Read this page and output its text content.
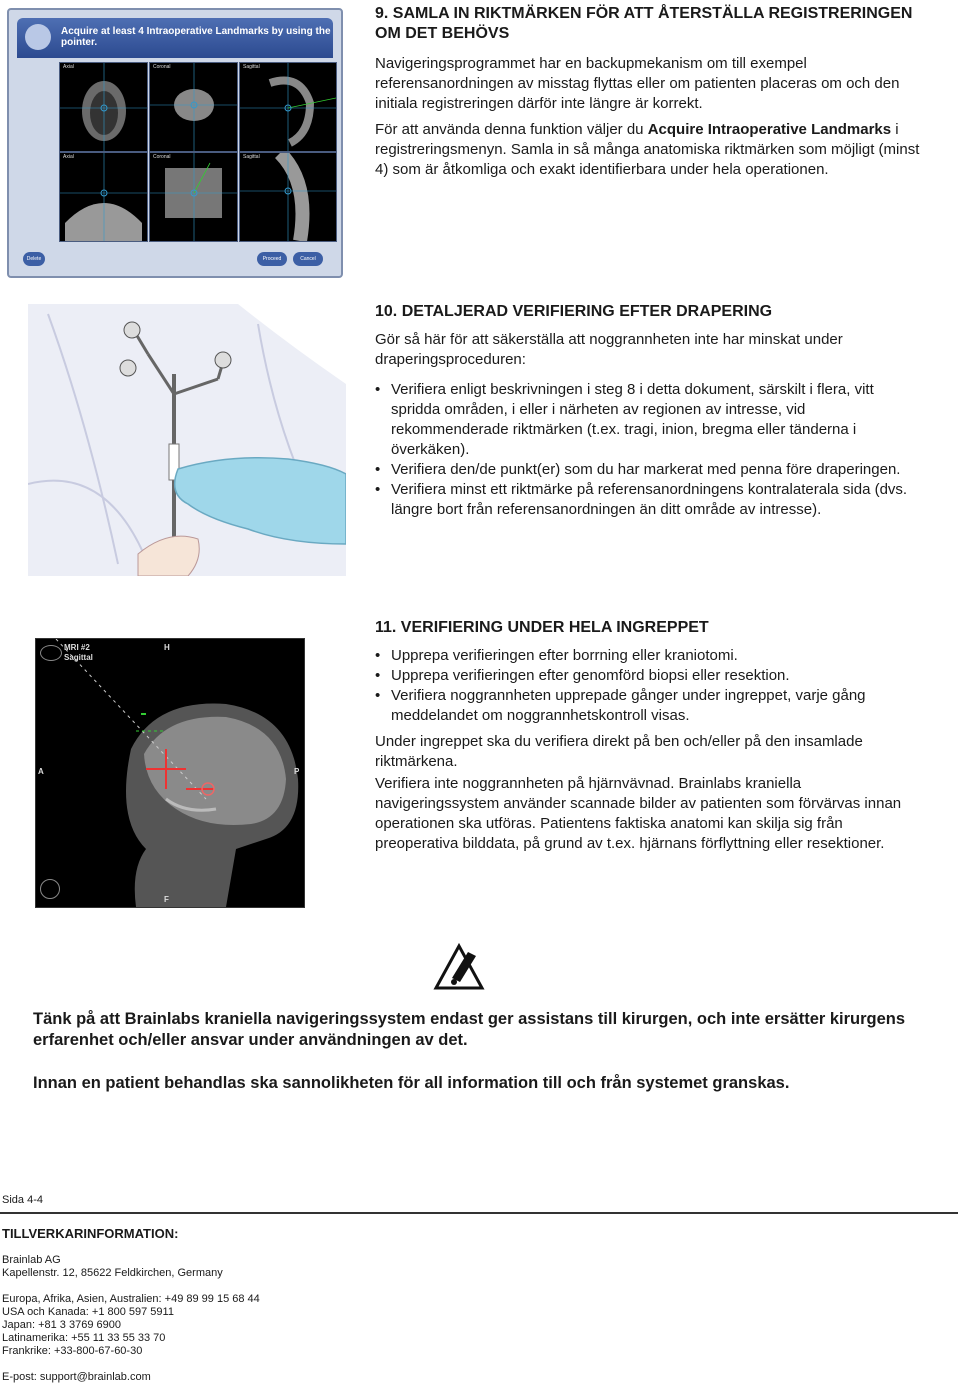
Acquire at least 4 Intraoperative Landmarks by using the pointer.
Axial	Coronal	Sagittal
Axial	Coronal	Sagittal
Delete	Proceed	Cancel
9. SAMLA IN RIKTMÄRKEN FÖR ATT ÅTERSTÄLLA REGISTRERINGEN OM DET BEHÖVS

Navigeringsprogrammet har en backupmekanism om till exempel referensanordningen av misstag flyttas eller om patienten placeras om och den initiala registreringen därför inte längre är korrekt.

För att använda denna funktion väljer du Acquire Intraoperative Landmarks i registreringsmenyn. Samla in så många anatomiska riktmärken som möjligt (minst 4) som är åtkomliga och exakt identifierbara under hela operationen.

10. DETALJERAD VERIFIERING EFTER DRAPERING

Gör så här för att säkerställa att noggrannheten inte har minskat under draperingsproceduren:

• Verifiera enligt beskrivningen i steg 8 i detta dokument, särskilt i flera, vitt spridda områden, i eller i närheten av regionen av intresse, vid rekommenderade riktmärken (t.ex. tragi, inion, bregma eller tänderna i överkäken).
• Verifiera den/de punkt(er) som du har markerat med penna före draperingen.
• Verifiera minst ett riktmärke på referensanordningens kontralaterala sida (dvs. längre bort från referensanordningen än ditt område av intresse).
MRI #2
Sagittal
H
A	P
F
11. VERIFIERING UNDER HELA INGREPPET
• Upprepa verifieringen efter borrning eller kraniotomi.
• Upprepa verifieringen efter genomförd biopsi eller resektion.
• Verifiera noggrannheten upprepade gånger under ingreppet, varje gång meddelandet om noggrannhetskontroll visas.

Under ingreppet ska du verifiera direkt på ben och/eller på den insamlade riktmärkena.

Verifiera inte noggrannheten på hjärnvävnad. Brainlabs kraniella navigeringssystem använder scannade bilder av patienten som förvärvas innan operationen ska utföras. Patientens faktiska anatomi kan skilja sig från preoperativa bilddata, på grund av t.ex. hjärnans förflyttning eller resektioner.

Tänk på att Brainlabs kraniella navigeringssystem endast ger assistans till kirurgen, och inte ersätter kirurgens erfarenhet och/eller ansvar under användningen av det.

Innan en patient behandlas ska sannolikheten för all information till och från systemet granskas.

Sida 4-4
TILLVERKARINFORMATION:
Brainlab AG
Kapellenstr. 12, 85622 Feldkirchen, Germany
Europa, Afrika, Asien, Australien: +49 89 99 15 68 44
USA och Kanada: +1 800 597 5911
Japan: +81 3 3769 6900
Latinamerika: +55 11 33 55 33 70
Frankrike: +33-800-67-60-30
E-post: support@brainlab.com
